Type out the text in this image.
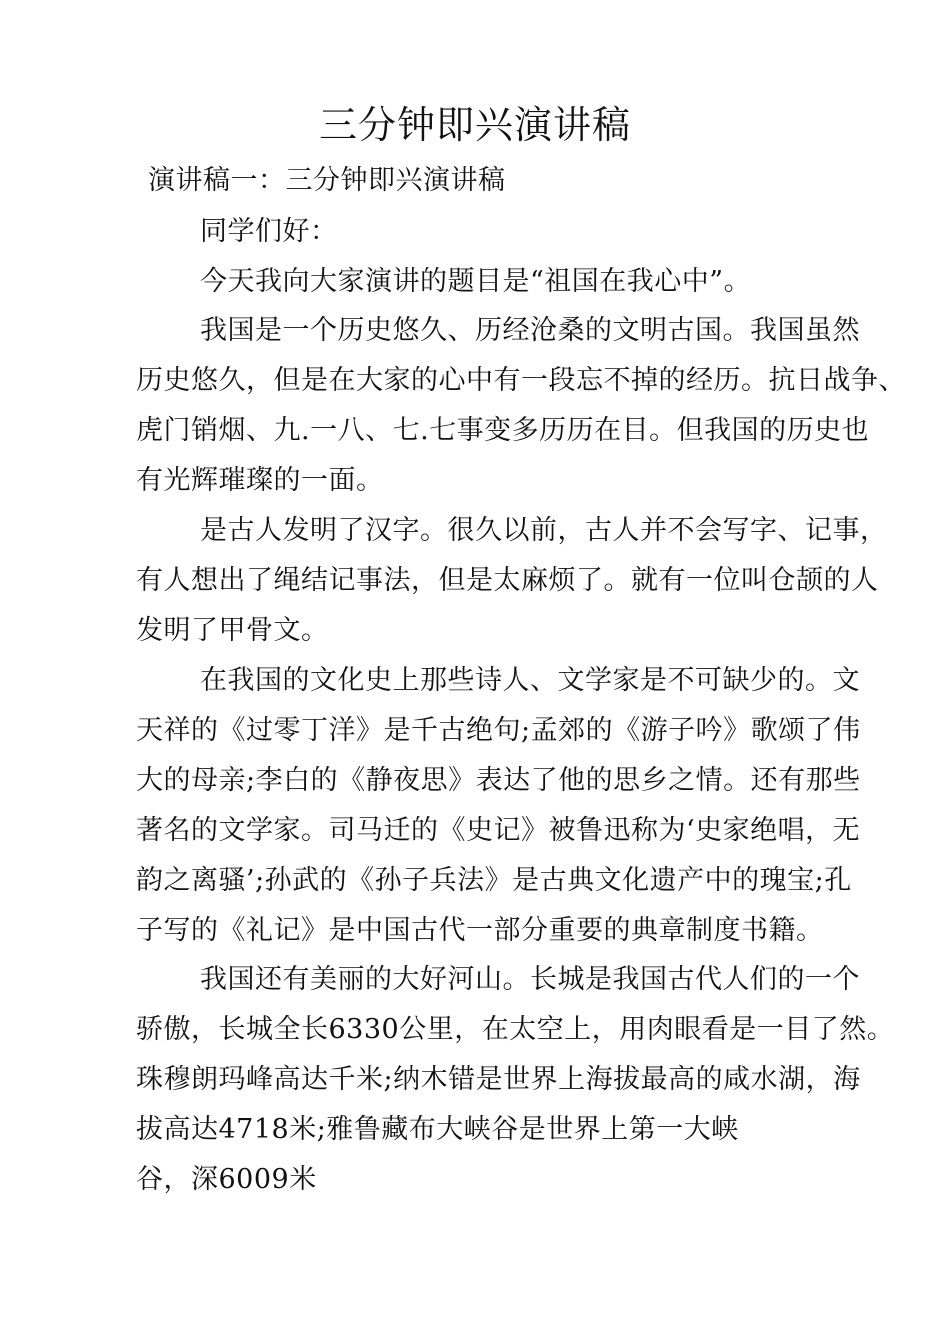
三分钟即兴演讲稿
演讲稿一：三分钟即兴演讲稿
同学们好：
今天我向大家演讲的题目是“祖国在我心中”。
我国是一个历史悠久、历经沧桑的文明古国。我国虽然
历史悠久，但是在大家的心中有一段忘不掉的经历。抗日战争、
虎门销烟、九.一八、七.七事变多历历在目。但我国的历史也
有光辉璀璨的一面。
是古人发明了汉字。很久以前，古人并不会写字、记事，
有人想出了绳结记事法，但是太麻烦了。就有一位叫仓颉的人
发明了甲骨文。
在我国的文化史上那些诗人、文学家是不可缺少的。文
天祥的《过零丁洋》是千古绝句;孟郊的《游子吟》歌颂了伟
大的母亲;李白的《静夜思》表达了他的思乡之情。还有那些
著名的文学家。司马迁的《史记》被鲁迅称为‘史家绝唱，无
韵之离骚’;孙武的《孙子兵法》是古典文化遗产中的瑰宝;孔
子写的《礼记》是中国古代一部分重要的典章制度书籍。
我国还有美丽的大好河山。长城是我国古代人们的一个
骄傲，长城全长6330公里，在太空上，用肉眼看是一目了然。
珠穆朗玛峰高达千米;纳木错是世界上海拔最高的咸水湖，海
拔高达4718米;雅鲁藏布大峡谷是世界上第一大峡
谷，深6009米
